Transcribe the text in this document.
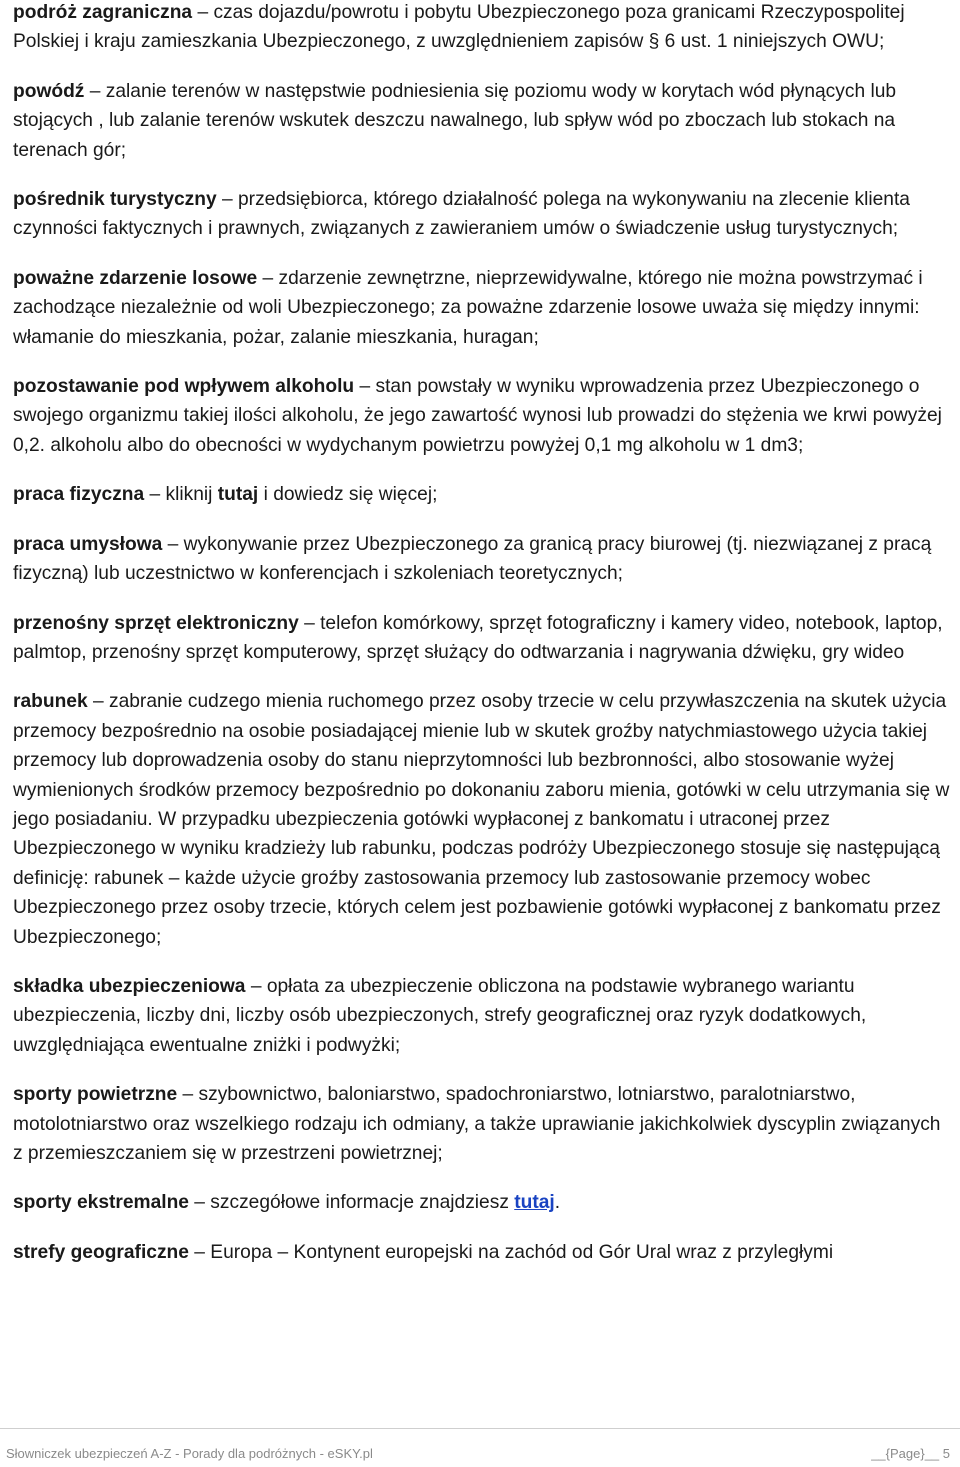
podróż zagraniczna – czas dojazdu/powrotu i pobytu Ubezpieczonego poza granicami Rzeczypospolitej Polskiej i kraju zamieszkania Ubezpieczonego, z uwzględnieniem zapisów § 6 ust. 1 niniejszych OWU;

powódź – zalanie terenów w następstwie podniesienia się poziomu wody w korytach wód płynących lub stojących , lub zalanie terenów wskutek deszczu nawalnego, lub spływ wód po zboczach lub stokach na terenach gór;

pośrednik turystyczny – przedsiębiorca, którego działalność polega na wykonywaniu na zlecenie klienta czynności faktycznych i prawnych, związanych z zawieraniem umów o świadczenie usług turystycznych;

poważne zdarzenie losowe – zdarzenie zewnętrzne, nieprzewidywalne, którego nie można powstrzymać i zachodzące niezależnie od woli Ubezpieczonego; za poważne zdarzenie losowe uważa się między innymi: włamanie do mieszkania, pożar, zalanie mieszkania, huragan;

pozostawanie pod wpływem alkoholu – stan powstały w wyniku wprowadzenia przez Ubezpieczonego o swojego organizmu takiej ilości alkoholu, że jego zawartość wynosi lub prowadzi do stężenia we krwi powyżej 0,2. alkoholu albo do obecności w wydychanym powietrzu powyżej 0,1 mg alkoholu w 1 dm3;

praca fizyczna – kliknij tutaj i dowiedz się więcej;

praca umysłowa – wykonywanie przez Ubezpieczonego za granicą pracy biurowej (tj. niezwiązanej z pracą fizyczną) lub uczestnictwo w konferencjach i szkoleniach teoretycznych;

przenośny sprzęt elektroniczny – telefon komórkowy, sprzęt fotograficzny i kamery video, notebook, laptop, palmtop, przenośny sprzęt komputerowy, sprzęt służący do odtwarzania i nagrywania dźwięku, gry wideo

rabunek – zabranie cudzego mienia ruchomego przez osoby trzecie w celu przywłaszczenia na skutek użycia przemocy bezpośrednio na osobie posiadającej mienie lub w skutek groźby natychmiastowego użycia takiej przemocy lub doprowadzenia osoby do stanu nieprzytomności lub bezbronności, albo stosowanie wyżej wymienionych środków przemocy bezpośrednio po dokonaniu zaboru mienia, gotówki w celu utrzymania się w jego posiadaniu. W przypadku ubezpieczenia gotówki wypłaconej z bankomatu i utraconej przez Ubezpieczonego w wyniku kradzieży lub rabunku, podczas podróży Ubezpieczonego stosuje się następującą definicję: rabunek – każde użycie groźby zastosowania przemocy lub zastosowanie przemocy wobec Ubezpieczonego przez osoby trzecie, których celem jest pozbawienie gotówki wypłaconej z bankomatu przez Ubezpieczonego;

składka ubezpieczeniowa – opłata za ubezpieczenie obliczona na podstawie wybranego wariantu ubezpieczenia, liczby dni, liczby osób ubezpieczonych, strefy geograficznej oraz ryzyk dodatkowych, uwzględniająca ewentualne zniżki i podwyżki;

sporty powietrzne – szybownictwo, baloniarstwo, spadochroniarstwo, lotniarstwo, paralotniarstwo, motolotniarstwo oraz wszelkiego rodzaju ich odmiany, a także uprawianie jakichkolwiek dyscyplin związanych z przemieszczaniem się w przestrzeni powietrznej;

sporty ekstremalne – szczegółowe informacje znajdziesz tutaj.

strefy geograficzne – Europa – Kontynent europejski na zachód od Gór Ural wraz z przyległymi

Słowniczek ubezpieczeń A-Z - Porady dla podróżnych - eSKY.pl	__{Page}__ 5
